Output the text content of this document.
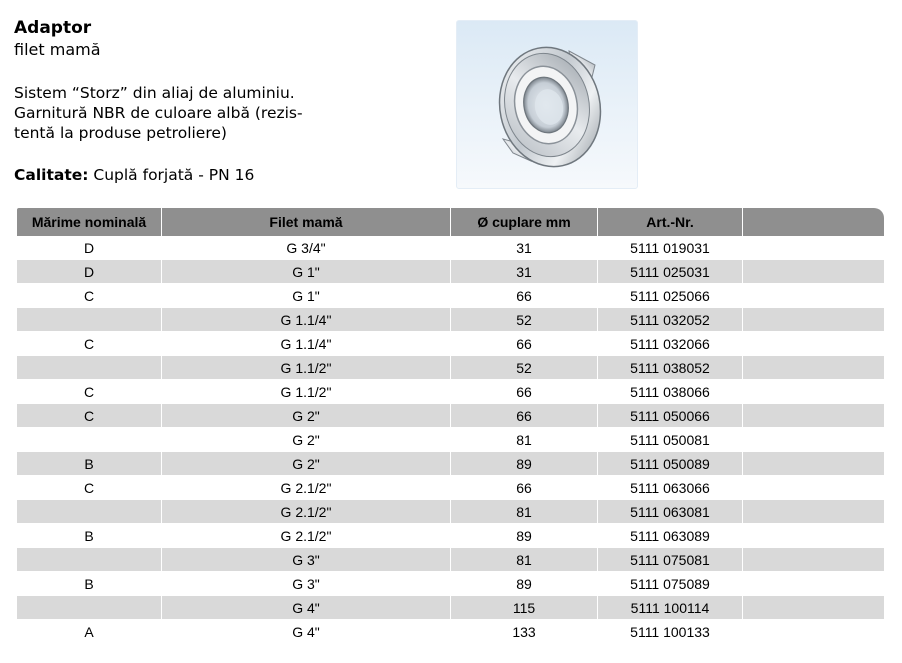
Adaptor
filet mamă
Sistem “Storz” din aliaj de aluminiu.
Garnitură NBR de culoare albă (rezis-
tentă la produse petroliere)
Calitate: Cuplă forjată - PN 16
Mărime nominală	Filet mamă	Ø cuplare mm	Art.-Nr.	
D	G 3/4"	31	5111 019031	
D	G 1"	31	5111 025031	
C	G 1"	66	5111 025066	
	G 1.1/4"	52	5111 032052	
C	G 1.1/4"	66	5111 032066	
	G 1.1/2"	52	5111 038052	
C	G 1.1/2"	66	5111 038066	
C	G 2"	66	5111 050066	
	G 2"	81	5111 050081	
B	G 2"	89	5111 050089	
C	G 2.1/2"	66	5111 063066	
	G 2.1/2"	81	5111 063081	
B	G 2.1/2"	89	5111 063089	
	G 3"	81	5111 075081	
B	G 3"	89	5111 075089	
	G 4"	115	5111 100114	
A	G 4"	133	5111 100133	
